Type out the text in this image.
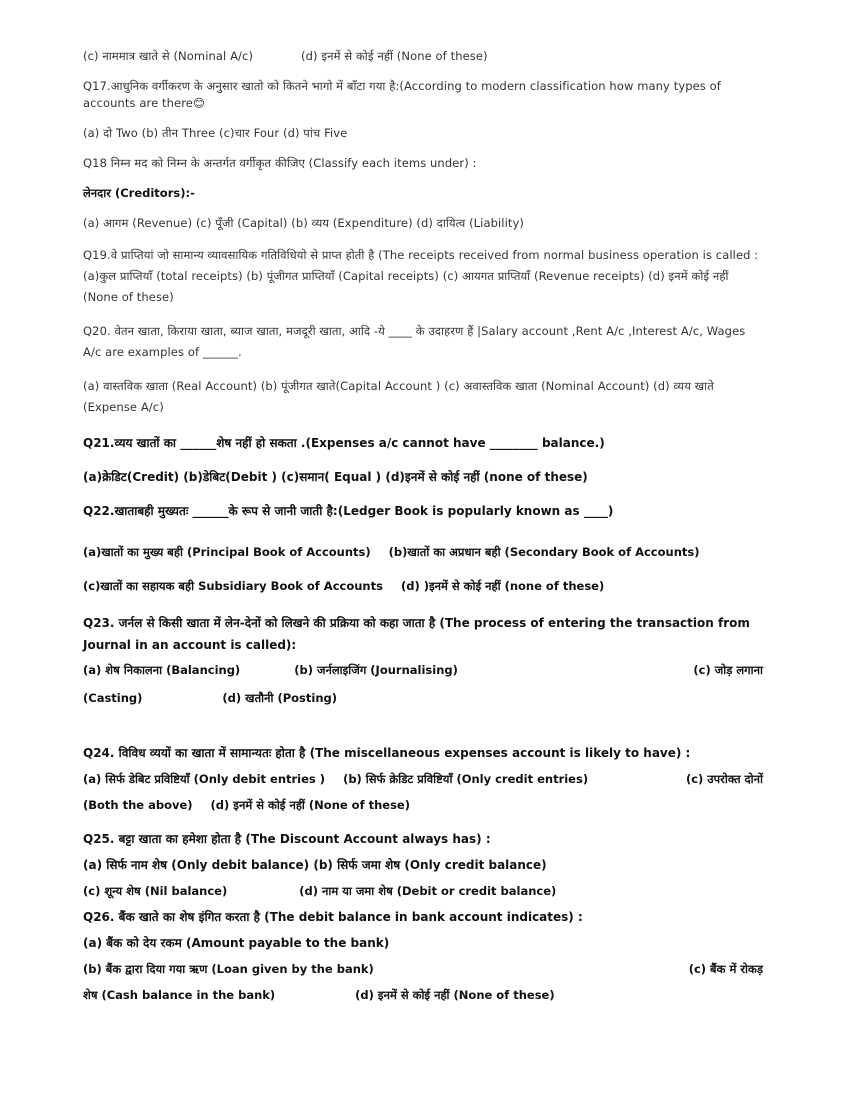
(c) नाममात्र खाते से (Nominal A/c)	(d) इनमें से कोई नहीं (None of these)

Q17.आधुनिक वर्गीकरण के अनुसार खातो को कितने भागो में बाँटा गया है:(According to modern classification how many types of accounts are there😊

(a) दो Two (b) तीन Three (c)चार Four (d) पांच Five

Q18 निम्न मद को निम्न के अन्तर्गत वर्गीकृत कीजिए (Classify each items under) :

लेनदार (Creditors):-

(a) आगम (Revenue) (c) पूँजी (Capital) (b) व्यय (Expenditure) (d) दायित्व (Liability)

Q19.वे प्राप्तियां जो सामान्य व्यावसायिक गतिविधियो से प्राप्त होती है (The receipts received from normal business operation is called : (a)कुल प्राप्तियाँ (total receipts) (b) पूंजीगत प्राप्तियाँ (Capital receipts) (c) आयगत प्राप्तियाँ (Revenue receipts) (d) इनमें कोई नहीं (None of these)

Q20. वेतन खाता, किराया खाता, ब्याज खाता, मजदूरी खाता, आदि -ये ____ के उदाहरण हैं |Salary account ,Rent A/c ,Interest A/c, Wages A/c are examples of ______.

(a) वास्तविक खाता (Real Account) (b) पूंजीगत खाते(Capital Account ) (c) अवास्तविक खाता (Nominal Account) (d) व्यय खाते (Expense A/c)

Q21.व्यय खातों का ______शेष नहीं हो सकता .(Expenses a/c cannot have ________ balance.)

(a)क्रेडिट(Credit) (b)डेबिट(Debit ) (c)समान( Equal ) (d)इनमें से कोई नहीं (none of these)

Q22.खाताबही मुख्यतः ______के रूप से जानी जाती है:(Ledger Book is popularly known as ____)

(a)खातों का मुख्य बही (Principal Book of Accounts) (b)खातों का अप्रधान बही (Secondary Book of Accounts)
(c)खातों का सहायक बही Subsidiary Book of Accounts (d) )इनमें से कोई नहीं (none of these)

Q23. जर्नल से किसी खाता में लेन-देनों को लिखने की प्रक्रिया को कहा जाता है (The process of entering the transaction from Journal in an account is called):

(a) शेष निकालना (Balancing)	(b) जर्नलाइजिंग (Journalising)	(c) जोड़ लगाना
(Casting)	(d) खतौनी (Posting)

Q24. विविध व्ययों का खाता में सामान्यतः होता है (The miscellaneous expenses account is likely to have) :

(a) सिर्फ डेबिट प्रविष्टियाँ (Only debit entries ) (b) सिर्फ क्रेडिट प्रविष्टियाँ (Only credit entries)	(c) उपरोक्त दोनों
(Both the above) (d) इनमें से कोई नहीं (None of these)

Q25. बट्टा खाता का हमेशा होता है (The Discount Account always has) :

(a) सिर्फ नाम शेष (Only debit balance) (b) सिर्फ जमा शेष (Only credit balance)

(c) शून्य शेष (Nil balance)	(d) नाम या जमा शेष (Debit or credit balance)

Q26. बैंक खाते का शेष इंगित करता है (The debit balance in bank account indicates) :

(a) बैंक को देय रकम (Amount payable to the bank)

(b) बैंक द्वारा दिया गया ऋण (Loan given by the bank)	(c) बैंक में रोकड़
शेष (Cash balance in the bank)	(d) इनमें से कोई नहीं (None of these)
